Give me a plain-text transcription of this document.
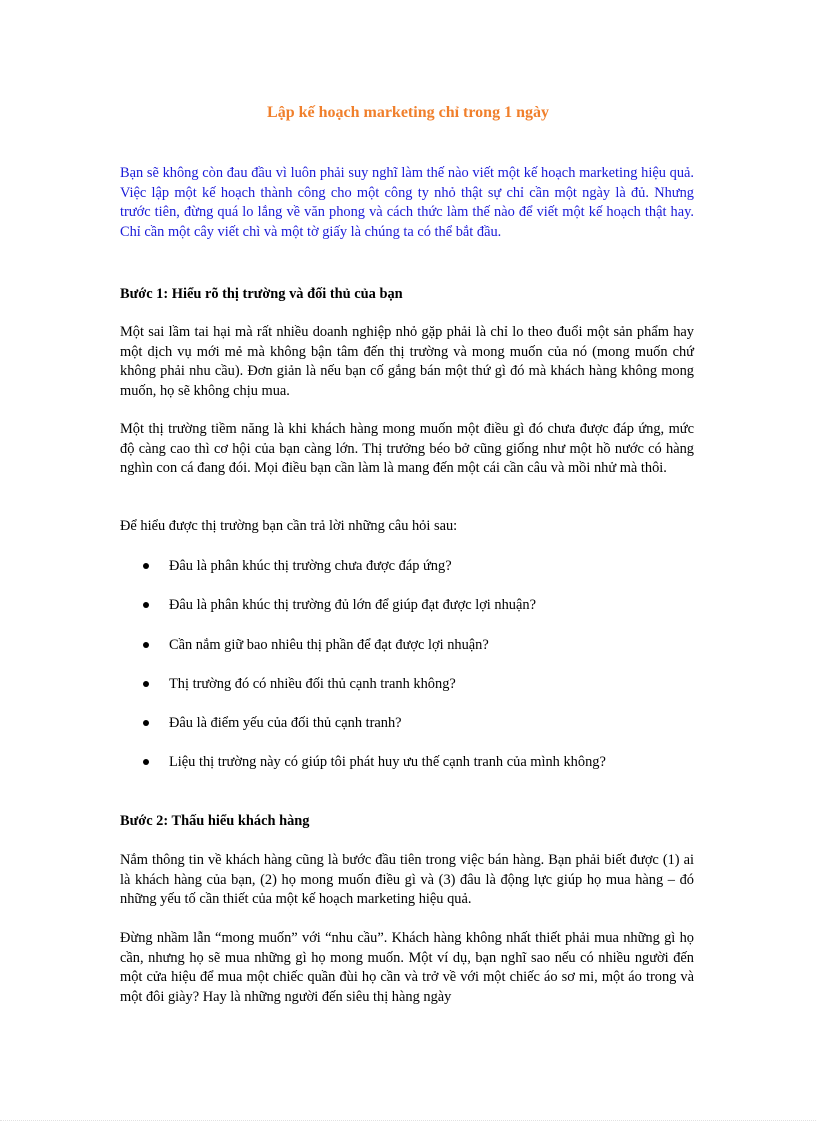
Lập kế hoạch marketing chỉ trong 1 ngày
Bạn sẽ không còn đau đầu vì luôn phải suy nghĩ làm thế nào viết một kế hoạch marketing hiệu quả. Việc lập một kế hoạch thành công cho một công ty nhỏ thật sự chỉ cần một ngày là đủ. Nhưng trước tiên, đừng quá lo lắng về văn phong và cách thức làm thế nào để viết một kế hoạch thật hay. Chỉ cần một cây viết chì và một tờ giấy là chúng ta có thể bắt đầu.
Bước 1: Hiểu rõ thị trường và đối thủ của bạn
Một sai lầm tai hại mà rất nhiều doanh nghiệp nhỏ gặp phải là chỉ lo theo đuổi một sản phẩm hay một dịch vụ mới mẻ mà không bận tâm đến thị trường và mong muốn của nó (mong muốn chứ không phải nhu cầu). Đơn giản là nếu bạn cố gắng bán một thứ gì đó mà khách hàng không mong muốn, họ sẽ không chịu mua.
Một thị trường tiềm năng là khi khách hàng mong muốn một điều gì đó chưa được đáp ứng, mức độ càng cao thì cơ hội của bạn càng lớn. Thị trưởng béo bở cũng giống như một hồ nước có hàng nghìn con cá đang đói. Mọi điều bạn cần làm là mang đến một cái cần câu và mồi nhử mà thôi.
Để hiểu được thị trường bạn cần trả lời những câu hỏi sau:
Đâu là phân khúc thị trường chưa được đáp ứng?
Đâu là phân khúc thị trường đủ lớn để giúp đạt được lợi nhuận?
Cần nắm giữ bao nhiêu thị phần để đạt được lợi nhuận?
Thị trường đó có nhiều đối thủ cạnh tranh không?
Đâu là điểm yếu của đối thủ cạnh tranh?
Liệu thị trường này có giúp tôi phát huy ưu thế cạnh tranh của mình không?
Bước 2: Thấu hiểu khách hàng
Nắm thông tin về khách hàng cũng là bước đầu tiên trong việc bán hàng. Bạn phải biết được (1) ai là khách hàng của bạn, (2) họ mong muốn điều gì và (3) đâu là động lực giúp họ mua hàng – đó những yếu tố cần thiết của một kế hoạch marketing hiệu quả.
Đừng nhầm lẫn “mong muốn” với “nhu cầu”. Khách hàng không nhất thiết phải mua những gì họ cần, nhưng họ sẽ mua những gì họ mong muốn. Một ví dụ, bạn nghĩ sao nếu có nhiều người đến một cửa hiệu để mua một chiếc quần đùi họ cần và trở về với một chiếc áo sơ mi, một áo trong và một đôi giày? Hay là những người đến siêu thị hàng ngày
